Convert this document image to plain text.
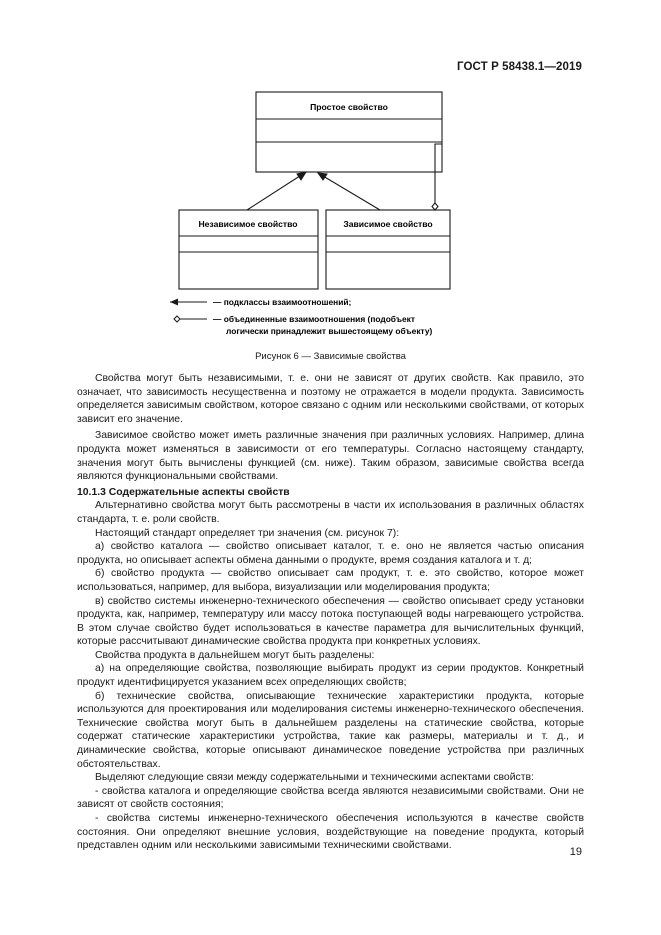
ГОСТ Р 58438.1—2019
Простое свойство
Независимое свойство	Зависимое свойство
— подклассы взаимоотношений;
— объединенные взаимоотношения (подобъект
логически принадлежит вышестоящему объекту)
Рисунок 6 — Зависимые свойства

Свойства могут быть независимыми, т. е. они не зависят от других свойств. Как правило, это означает, что зависимость несущественна и поэтому не отражается в модели продукта. Зависимость определяется зависимым свойством, которое связано с одним или несколькими свойствами, от которых зависит его значение.

Зависимое свойство может иметь различные значения при различных условиях. Например, длина продукта может изменяться в зависимости от его температуры. Согласно настоящему стандарту, значения могут быть вычислены функцией (см. ниже). Таким образом, зависимые свойства всегда являются функциональными свойствами.

10.1.3 Содержательные аспекты свойств

Альтернативно свойства могут быть рассмотрены в части их использования в различных областях стандарта, т. е. роли свойств.

Настоящий стандарт определяет три значения (см. рисунок 7):

а) свойство каталога — свойство описывает каталог, т. е. оно не является частью описания продукта, но описывает аспекты обмена данными о продукте, время создания каталога и т. д;

б) свойство продукта — свойство описывает сам продукт, т. е. это свойство, которое может использоваться, например, для выбора, визуализации или моделирования продукта;

в) свойство системы инженерно-технического обеспечения — свойство описывает среду установки продукта, как, например, температуру или массу потока поступающей воды нагревающего устройства. В этом случае свойство будет использоваться в качестве параметра для вычислительных функций, которые рассчитывают динамические свойства продукта при конкретных условиях.

Свойства продукта в дальнейшем могут быть разделены:

а) на определяющие свойства, позволяющие выбирать продукт из серии продуктов. Конкретный продукт идентифицируется указанием всех определяющих свойств;

б) технические свойства, описывающие технические характеристики продукта, которые используются для проектирования или моделирования системы инженерно-технического обеспечения. Технические свойства могут быть в дальнейшем разделены на статические свойства, которые содержат статические характеристики устройства, такие как размеры, материалы и т. д., и динамические свойства, которые описывают динамическое поведение устройства при различных обстоятельствах.

Выделяют следующие связи между содержательными и техническими аспектами свойств:

- свойства каталога и определяющие свойства всегда являются независимыми свойствами. Они не зависят от свойств состояния;

- свойства системы инженерно-технического обеспечения используются в качестве свойств состояния. Они определяют внешние условия, воздействующие на поведение продукта, который представлен одним или несколькими зависимыми техническими свойствами.

19
